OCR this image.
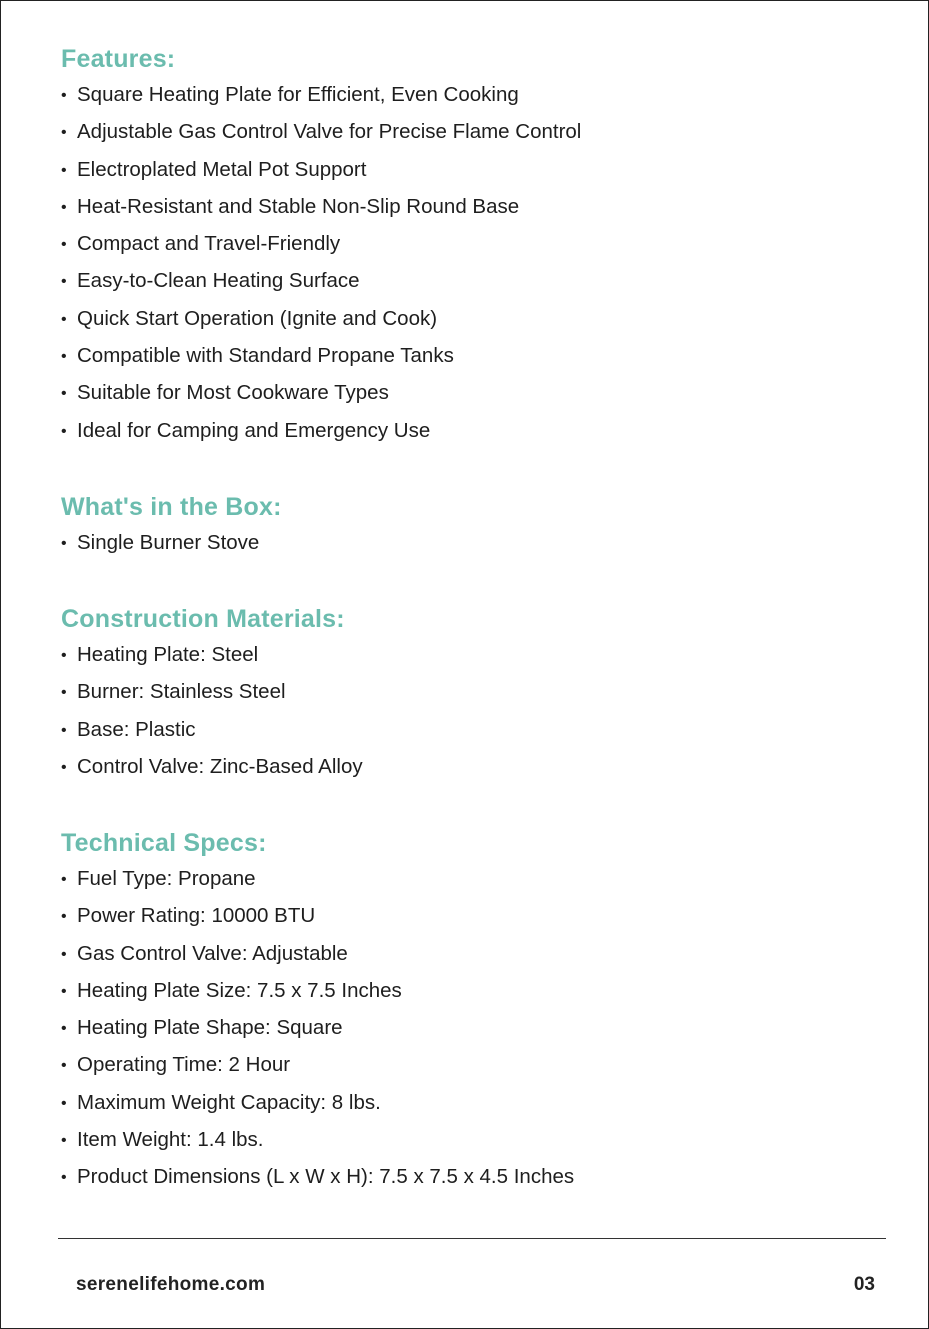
Features:
• Square Heating Plate for Efficient, Even Cooking
• Adjustable Gas Control Valve for Precise Flame Control
• Electroplated Metal Pot Support
• Heat-Resistant and Stable Non-Slip Round Base
• Compact and Travel-Friendly
• Easy-to-Clean Heating Surface
• Quick Start Operation (Ignite and Cook)
• Compatible with Standard Propane Tanks
• Suitable for Most Cookware Types
• Ideal for Camping and Emergency Use
What's in the Box:
• Single Burner Stove
Construction Materials:
• Heating Plate: Steel
• Burner: Stainless Steel
• Base: Plastic
• Control Valve: Zinc-Based Alloy
Technical Specs:
• Fuel Type: Propane
• Power Rating: 10000 BTU
• Gas Control Valve: Adjustable
• Heating Plate Size: 7.5 x 7.5 Inches
• Heating Plate Shape: Square
• Operating Time: 2 Hour
• Maximum Weight Capacity: 8 lbs.
• Item Weight: 1.4 lbs.
• Product Dimensions (L x W x H): 7.5 x 7.5 x 4.5 Inches
serenelifehome.com	03
